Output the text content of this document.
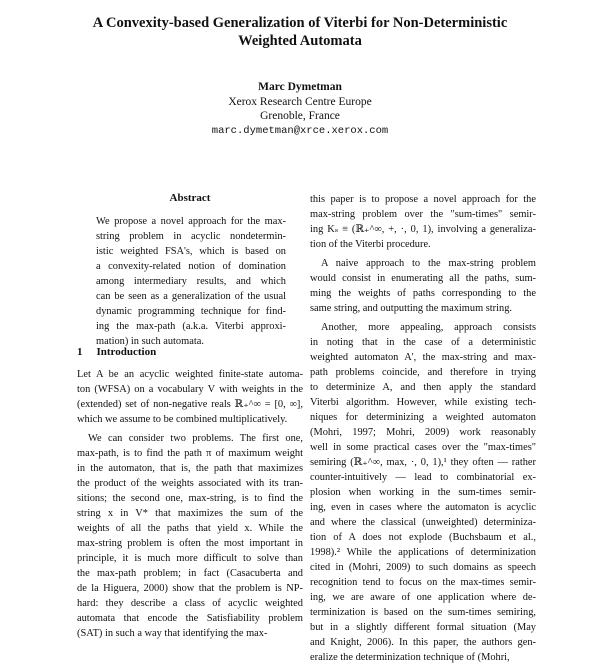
A Convexity-based Generalization of Viterbi for Non-Deterministic
Weighted Automata
Marc Dymetman
Xerox Research Centre Europe
Grenoble, France
marc.dymetman@xrce.xerox.com
Abstract
We propose a novel approach for the max-
string problem in acyclic nondetermin-
istic weighted FSA's, which is based on
a convexity-related notion of domination
among intermediary results, and which
can be seen as a generalization of the usual
dynamic programming technique for find-
ing the max-path (a.k.a. Viterbi approxi-
mation) in such automata.
1 Introduction

Let A be an acyclic weighted finite-state automa-
ton (WFSA) on a vocabulary V with weights in the
(extended) set of non-negative reals ℝ₊^∞ = [0, ∞],
which we assume to be combined multiplicatively.

We can consider two problems. The first one,
max-path, is to find the path π of maximum weight
in the automaton, that is, the path that maximizes
the product of the weights associated with its tran-
sitions; the second one, max-string, is to find the
string x in V* that maximizes the sum of the
weights of all the paths that yield x. While the
max-string problem is often the most important in
principle, it is much more difficult to solve than
the max-path problem; in fact (Casacuberta and
de la Higuera, 2000) show that the problem is NP-
hard: they describe a class of acyclic weighted
automata that encode the Satisfiability problem
(SAT) in such a way that identifying the max-

this paper is to propose a novel approach for the
max-string problem over the "sum-times" semir-
ing Kₛ ≡ (ℝ₊^∞, +, ·, 0, 1), involving a generaliza-
tion of the Viterbi procedure.

A naive approach to the max-string problem
would consist in enumerating all the paths, sum-
ming the weights of paths corresponding to the
same string, and outputting the maximum string.

Another, more appealing, approach consists
in noting that in the case of a deterministic
weighted automaton A', the max-string and max-
path problems coincide, and therefore in trying
to determinize A, and then apply the standard
Viterbi algorithm. However, while existing tech-
niques for determinizing a weighted automaton
(Mohri, 1997; Mohri, 2009) work reasonably
well in some practical cases over the "max-times"
semiring (ℝ₊^∞, max, ·, 0, 1),¹ they often — rather
counter-intuitively — lead to combinatorial ex-
plosion when working in the sum-times semir-
ing, even in cases where the automaton is acyclic
and where the classical (unweighted) determiniza-
tion of A does not explode (Buchsbaum et al.,
1998).² While the applications of determinization
cited in (Mohri, 2009) to such domains as speech
recognition tend to focus on the max-times semir-
ing, we are aware of one application where de-
terminization is based on the sum-times semiring,
but in a slightly different formal situation (May
and Knight, 2006). In this paper, the authors gen-
eralize the determinization technique of (Mohri,
